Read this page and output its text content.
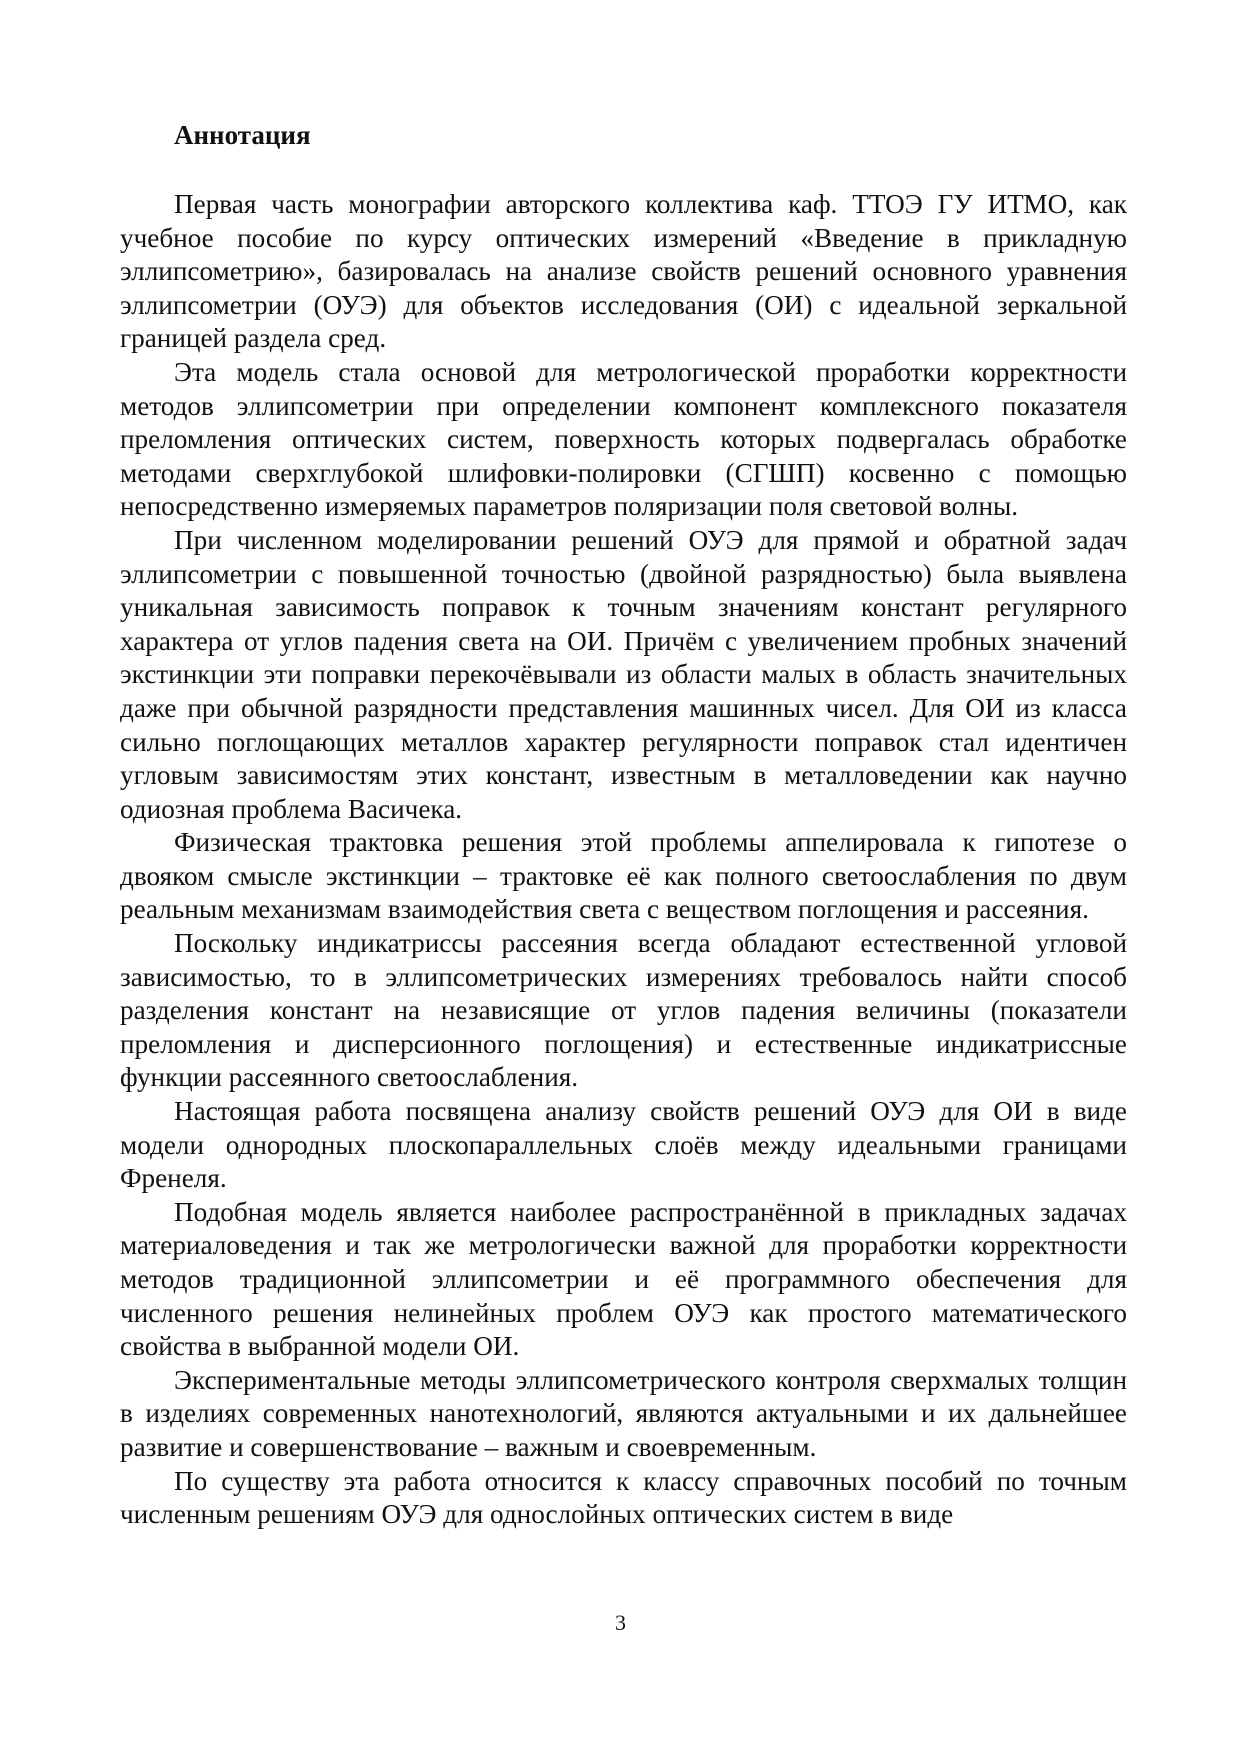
Аннотация

Первая часть монографии авторского коллектива каф. ТТОЭ ГУ ИТМО, как учебное пособие по курсу оптических измерений «Введение в прикладную эллипсометрию», базировалась на анализе свойств решений основного уравнения эллипсометрии (ОУЭ) для объектов исследования (ОИ) с идеальной зеркальной границей раздела сред.

Эта модель стала основой для метрологической проработки корректности методов эллипсометрии при определении компонент комплексного показателя преломления оптических систем, поверхность которых подвергалась обработке методами сверхглубокой шлифовки-полировки (СГШП) косвенно с помощью непосредственно измеряемых параметров поляризации поля световой волны.

При численном моделировании решений ОУЭ для прямой и обратной задач эллипсометрии с повышенной точностью (двойной разрядностью) была выявлена уникальная зависимость поправок к точным значениям констант регулярного характера от углов падения света на ОИ. Причём с увеличением пробных значений экстинкции эти поправки перекочёвывали из области малых в область значительных даже при обычной разрядности представления машинных чисел. Для ОИ из класса сильно поглощающих металлов характер регулярности поправок стал идентичен угловым зависимостям этих констант, известным в металловедении как научно одиозная проблема Васичека.

Физическая трактовка решения этой проблемы аппелировала к гипотезе о двояком смысле экстинкции – трактовке её как полного светоослабления по двум реальным механизмам взаимодействия света с веществом поглощения и рассеяния.

Поскольку индикатриссы рассеяния всегда обладают естественной угловой зависимостью, то в эллипсометрических измерениях требовалось найти способ разделения констант на независящие от углов падения величины (показатели преломления и дисперсионного поглощения) и естественные индикатриссные функции рассеянного светоослабления.

Настоящая работа посвящена анализу свойств решений ОУЭ для ОИ в виде модели однородных плоскопараллельных слоёв между идеальными границами Френеля.

Подобная модель является наиболее распространённой в прикладных задачах материаловедения и так же метрологически важной для проработки корректности методов традиционной эллипсометрии и её программного обеспечения для численного решения нелинейных проблем ОУЭ как простого математического свойства в выбранной модели ОИ.

Экспериментальные методы эллипсометрического контроля сверхмалых толщин в изделиях современных нанотехнологий, являются актуальными и их дальнейшее развитие и совершенствование – важным и своевременным.

По существу эта работа относится к классу справочных пособий по точным численным решениям ОУЭ для однослойных оптических систем в виде

3
